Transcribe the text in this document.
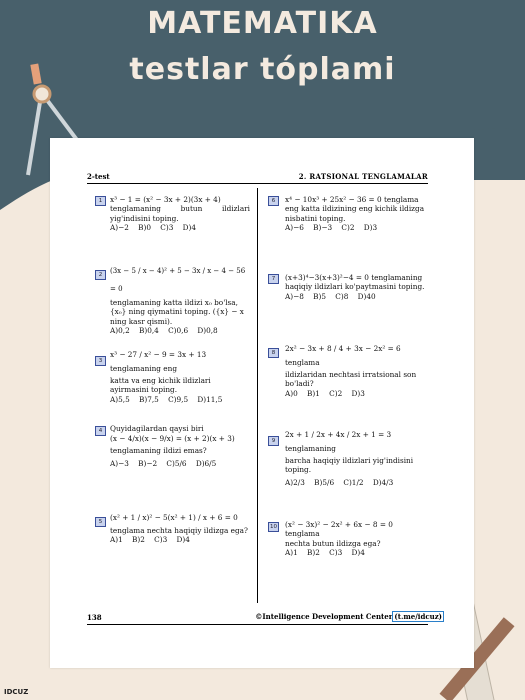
MATEMATIKA
testlar tóplami
2-test	2. RATSIONAL TENGLAMALAR
1	x³ − 1 = (x² − 3x + 2)(3x + 4)
tenglamaning butun ildizlari yig'indisini toping.
A)−2    B)0    C)3    D)4
2	(3x − 5 / x − 4)² + 5 − 3x / x − 4 − 56 = 0
tenglamaning katta ildizi x₀ bo'lsa, {x₀} ning qiymatini toping. ({x} − x ning kasr qismi).
A)0,2    B)0,4    C)0,6    D)0,8
3
x³ − 27 / x² − 9 = 3x + 13 tenglamaning eng
katta va eng kichik ildizlari ayirmasini toping.
A)5,5    B)7,5    C)9,5    D)11,5
4	Quyidagilardan qaysi biri
(x − 4/x)(x − 9/x) = (x + 2)(x + 3) tenglamaning ildizi emas?
A)−3    B)−2    C)5/6    D)6/5
5	(x² + 1 / x)² − 5(x² + 1) / x + 6 = 0
tenglama nechta haqiqiy ildizga ega?
A)1    B)2    C)3    D)4
6	x⁴ − 10x³ + 25x² − 36 = 0 tenglama
eng katta ildizining eng kichik ildizga nisbatini toping.
A)−6    B)−3    C)2    D)3
7	(x+3)⁴−3(x+3)²−4 = 0 tenglamaning
haqiqiy ildizlari ko'paytmasini toping.
A)−8    B)5    C)8    D)40
8	2x² − 3x + 8 / 4 + 3x − 2x² = 6 tenglama
ildizlaridan nechtasi irratsional son bo'ladi?
A)0    B)1    C)2    D)3
9
2x + 1 / 2x + 4x / 2x + 1 = 3 tenglamaning
barcha haqiqiy ildizlari yig'indisini toping.
A)2/3    B)5/6    C)1/2    D)4/3
10 (x² − 3x)² − 2x² + 6x − 8 = 0 tenglama
nechta butun ildizga ega?
A)1    B)2    C)3    D)4
138	©Intelligence Development Center (t.me/idcuz)
IDCUZ
